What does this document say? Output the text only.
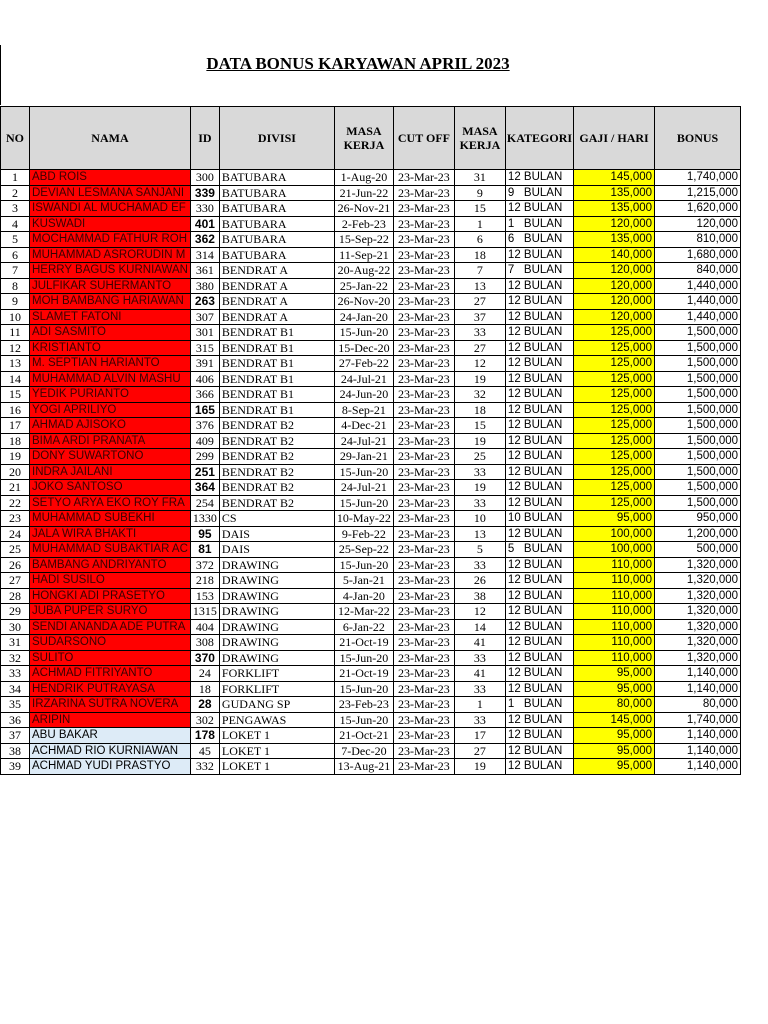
DATA BONUS KARYAWAN APRIL 2023
NO	NAMA	ID	DIVISI	MASA KERJA	CUT OFF	MASA KERJA	KATEGORI	GAJI / HARI	BONUS
1	ABD ROIS	300	BATUBARA	1-Aug-20	23-Mar-23	31	12 BULAN	145,000	1,740,000
2	DEVIAN LESMANA SANJANI	339	BATUBARA	21-Jun-22	23-Mar-23	9	9 BULAN	135,000	1,215,000
3	ISWANDI AL MUCHAMAD EF	330	BATUBARA	26-Nov-21	23-Mar-23	15	12 BULAN	135,000	1,620,000
4	KUSWADI	401	BATUBARA	2-Feb-23	23-Mar-23	1	1 BULAN	120,000	120,000
5	MOCHAMMAD FATHUR ROH	362	BATUBARA	15-Sep-22	23-Mar-23	6	6 BULAN	135,000	810,000
6	MUHAMMAD ASRORUDIN M	314	BATUBARA	11-Sep-21	23-Mar-23	18	12 BULAN	140,000	1,680,000
7	HERRY BAGUS KURNIAWAN	361	BENDRAT A	20-Aug-22	23-Mar-23	7	7 BULAN	120,000	840,000
8	JULFIKAR SUHERMANTO	380	BENDRAT A	25-Jan-22	23-Mar-23	13	12 BULAN	120,000	1,440,000
9	MOH BAMBANG HARIAWAN	263	BENDRAT A	26-Nov-20	23-Mar-23	27	12 BULAN	120,000	1,440,000
10	SLAMET FATONI	307	BENDRAT A	24-Jan-20	23-Mar-23	37	12 BULAN	120,000	1,440,000
11	ADI SASMITO	301	BENDRAT B1	15-Jun-20	23-Mar-23	33	12 BULAN	125,000	1,500,000
12	KRISTIANTO	315	BENDRAT B1	15-Dec-20	23-Mar-23	27	12 BULAN	125,000	1,500,000
13	M. SEPTIAN HARIANTO	391	BENDRAT B1	27-Feb-22	23-Mar-23	12	12 BULAN	125,000	1,500,000
14	MUHAMMAD ALVIN MASHU	406	BENDRAT B1	24-Jul-21	23-Mar-23	19	12 BULAN	125,000	1,500,000
15	YEDIK PURIANTO	366	BENDRAT B1	24-Jun-20	23-Mar-23	32	12 BULAN	125,000	1,500,000
16	YOGI APRILIYO	165	BENDRAT B1	8-Sep-21	23-Mar-23	18	12 BULAN	125,000	1,500,000
17	AHMAD AJISOKO	376	BENDRAT B2	4-Dec-21	23-Mar-23	15	12 BULAN	125,000	1,500,000
18	BIMA ARDI PRANATA	409	BENDRAT B2	24-Jul-21	23-Mar-23	19	12 BULAN	125,000	1,500,000
19	DONY SUWARTONO	299	BENDRAT B2	29-Jan-21	23-Mar-23	25	12 BULAN	125,000	1,500,000
20	INDRA JAILANI	251	BENDRAT B2	15-Jun-20	23-Mar-23	33	12 BULAN	125,000	1,500,000
21	JOKO SANTOSO	364	BENDRAT B2	24-Jul-21	23-Mar-23	19	12 BULAN	125,000	1,500,000
22	SETYO ARYA EKO ROY FRA	254	BENDRAT B2	15-Jun-20	23-Mar-23	33	12 BULAN	125,000	1,500,000
23	MUHAMMAD SUBEKHI	1330	CS	10-May-22	23-Mar-23	10	10 BULAN	95,000	950,000
24	JALA WIRA BHAKTI	95	DAIS	9-Feb-22	23-Mar-23	13	12 BULAN	100,000	1,200,000
25	MUHAMMAD SUBAKTIAR AC	81	DAIS	25-Sep-22	23-Mar-23	5	5 BULAN	100,000	500,000
26	BAMBANG ANDRIYANTO	372	DRAWING	15-Jun-20	23-Mar-23	33	12 BULAN	110,000	1,320,000
27	HADI SUSILO	218	DRAWING	5-Jan-21	23-Mar-23	26	12 BULAN	110,000	1,320,000
28	HONGKI ADI PRASETYO	153	DRAWING	4-Jan-20	23-Mar-23	38	12 BULAN	110,000	1,320,000
29	JUBA PUPER SURYO	1315	DRAWING	12-Mar-22	23-Mar-23	12	12 BULAN	110,000	1,320,000
30	SENDI ANANDA ADE PUTRA	404	DRAWING	6-Jan-22	23-Mar-23	14	12 BULAN	110,000	1,320,000
31	SUDARSONO	308	DRAWING	21-Oct-19	23-Mar-23	41	12 BULAN	110,000	1,320,000
32	SULITO	370	DRAWING	15-Jun-20	23-Mar-23	33	12 BULAN	110,000	1,320,000
33	ACHMAD FITRIYANTO	24	FORKLIFT	21-Oct-19	23-Mar-23	41	12 BULAN	95,000	1,140,000
34	HENDRIK PUTRAYASA	18	FORKLIFT	15-Jun-20	23-Mar-23	33	12 BULAN	95,000	1,140,000
35	IRZARINA SUTRA NOVERA	28	GUDANG SP	23-Feb-23	23-Mar-23	1	1 BULAN	80,000	80,000
36	ARIPIN	302	PENGAWAS	15-Jun-20	23-Mar-23	33	12 BULAN	145,000	1,740,000
37	ABU BAKAR	178	LOKET 1	21-Oct-21	23-Mar-23	17	12 BULAN	95,000	1,140,000
38	ACHMAD RIO KURNIAWAN	45	LOKET 1	7-Dec-20	23-Mar-23	27	12 BULAN	95,000	1,140,000
39	ACHMAD YUDI PRASTYO	332	LOKET 1	13-Aug-21	23-Mar-23	19	12 BULAN	95,000	1,140,000
